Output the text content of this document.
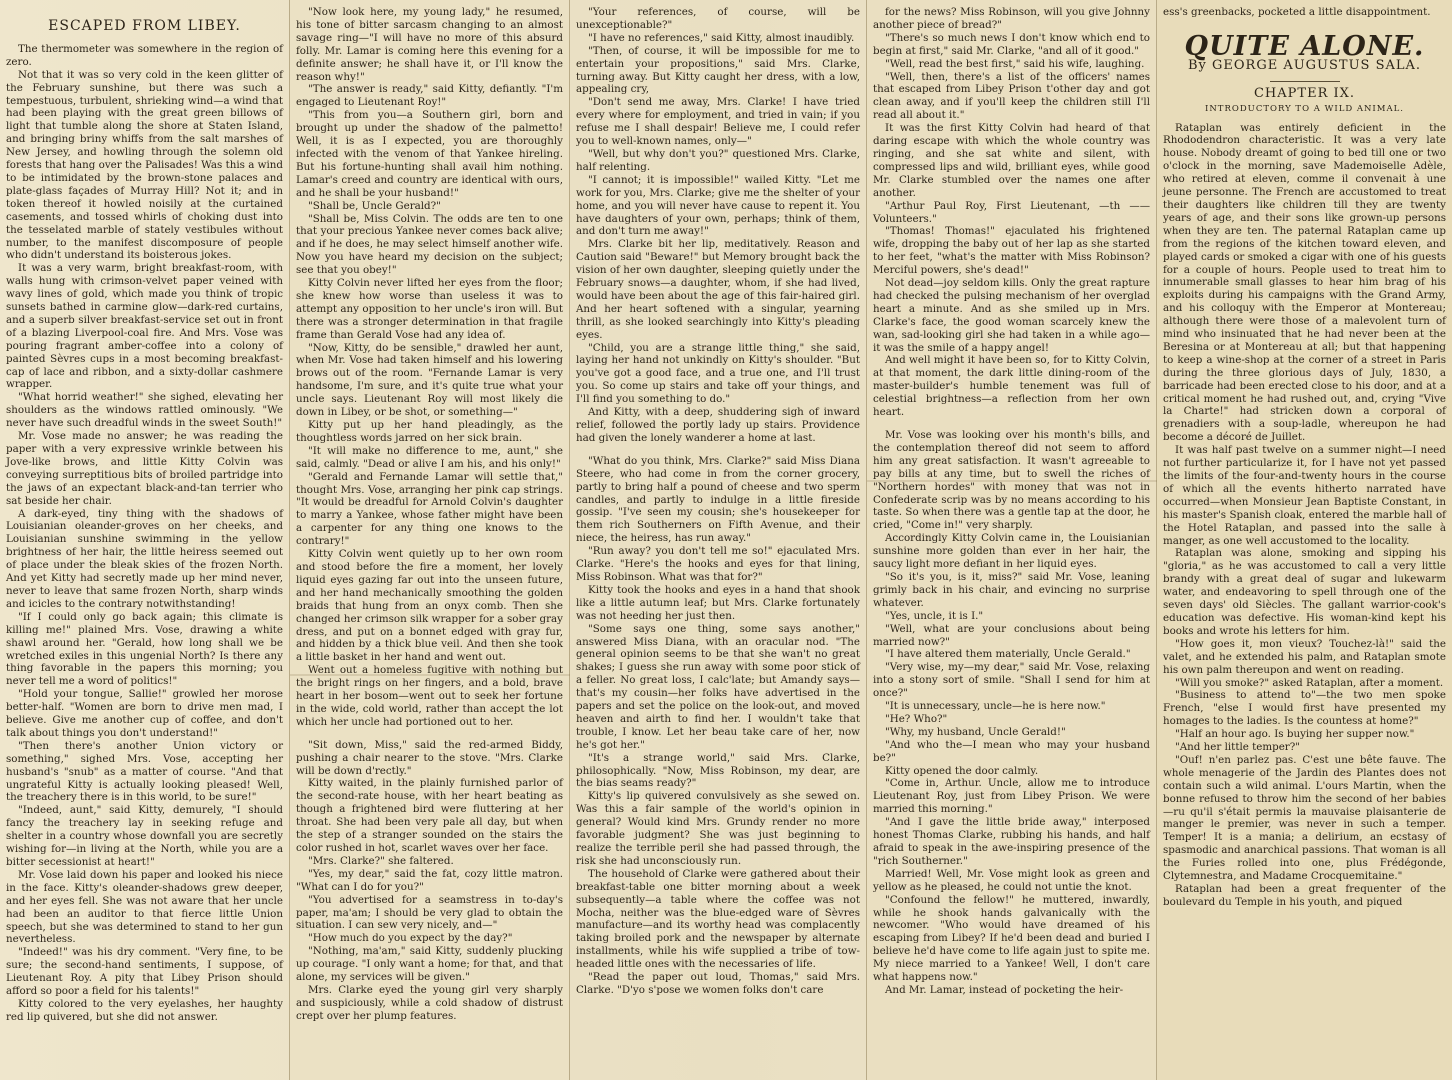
ESCAPED FROM LIBEY.

The thermometer was somewhere in the region of zero.

Not that it was so very cold in the keen glitter of the February sunshine, but there was such a tempestuous, turbulent, shrieking wind—a wind that had been playing with the great green billows of light that tumble along the shore at Staten Island, and bringing briny whiffs from the salt marshes of New Jersey, and howling through the solemn old forests that hang over the Palisades! Was this a wind to be intimidated by the brown-stone palaces and plate-glass façades of Murray Hill? Not it; and in token thereof it howled noisily at the curtained casements, and tossed whirls of choking dust into the tesselated marble of stately vestibules without number, to the manifest discomposure of people who didn't understand its boisterous jokes.

It was a very warm, bright breakfast-room, with walls hung with crimson-velvet paper veined with wavy lines of gold, which made you think of tropic sunsets bathed in carmine glow—dark-red curtains, and a superb silver breakfast-service set out in front of a blazing Liverpool-coal fire. And Mrs. Vose was pouring fragrant amber-coffee into a colony of painted Sèvres cups in a most becoming breakfast-cap of lace and ribbon, and a sixty-dollar cashmere wrapper.

"What horrid weather!" she sighed, elevating her shoulders as the windows rattled ominously. "We never have such dreadful winds in the sweet South!"

Mr. Vose made no answer; he was reading the paper with a very expressive wrinkle between his Jove-like brows, and little Kitty Colvin was conveying surreptitious bits of broiled partridge into the jaws of an expectant black-and-tan terrier who sat beside her chair.

A dark-eyed, tiny thing with the shadows of Louisianian oleander-groves on her cheeks, and Louisianian sunshine swimming in the yellow brightness of her hair, the little heiress seemed out of place under the bleak skies of the frozen North. And yet Kitty had secretly made up her mind never, never to leave that same frozen North, sharp winds and icicles to the contrary notwithstanding!

"If I could only go back again; this climate is killing me!" plained Mrs. Vose, drawing a white shawl around her. "Gerald, how long shall we be wretched exiles in this ungenial North? Is there any thing favorable in the papers this morning; you never tell me a word of politics!"

"Hold your tongue, Sallie!" growled her morose better-half. "Women are born to drive men mad, I believe. Give me another cup of coffee, and don't talk about things you don't understand!"

"Then there's another Union victory or something," sighed Mrs. Vose, accepting her husband's "snub" as a matter of course. "And that ungrateful Kitty is actually looking pleased! Well, the treachery there is in this world, to be sure!"

"Indeed, aunt," said Kitty, demurely, "I should fancy the treachery lay in seeking refuge and shelter in a country whose downfall you are secretly wishing for—in living at the North, while you are a bitter secessionist at heart!"

Mr. Vose laid down his paper and looked his niece in the face. Kitty's oleander-shadows grew deeper, and her eyes fell. She was not aware that her uncle had been an auditor to that fierce little Union speech, but she was determined to stand to her gun nevertheless.

"Indeed!" was his dry comment. "Very fine, to be sure; the second-hand sentiments, I suppose, of Lieutenant Roy. A pity that Libey Prison should afford so poor a field for his talents!"

Kitty colored to the very eyelashes, her haughty red lip quivered, but she did not answer.

"Now look here, my young lady," he resumed, his tone of bitter sarcasm changing to an almost savage ring—"I will have no more of this absurd folly. Mr. Lamar is coming here this evening for a definite answer; he shall have it, or I'll know the reason why!"

"The answer is ready," said Kitty, defiantly. "I'm engaged to Lieutenant Roy!"

"This from you—a Southern girl, born and brought up under the shadow of the palmetto! Well, it is as I expected, you are thoroughly infected with the venom of that Yankee hireling. But his fortune-hunting shall avail him nothing. Lamar's creed and country are identical with ours, and he shall be your husband!"

"Shall be, Uncle Gerald?"

"Shall be, Miss Colvin. The odds are ten to one that your precious Yankee never comes back alive; and if he does, he may select himself another wife. Now you have heard my decision on the subject; see that you obey!"

Kitty Colvin never lifted her eyes from the floor; she knew how worse than useless it was to attempt any opposition to her uncle's iron will. But there was a stronger determination in that fragile frame than Gerald Vose had any idea of.

"Now, Kitty, do be sensible," drawled her aunt, when Mr. Vose had taken himself and his lowering brows out of the room. "Fernande Lamar is very handsome, I'm sure, and it's quite true what your uncle says. Lieutenant Roy will most likely die down in Libey, or be shot, or something—"

Kitty put up her hand pleadingly, as the thoughtless words jarred on her sick brain.

"It will make no difference to me, aunt," she said, calmly. "Dead or alive I am his, and his only!"

"Gerald and Fernande Lamar will settle that," thought Mrs. Vose, arranging her pink cap strings. "It would be dreadful for Arnold Colvin's daughter to marry a Yankee, whose father might have been a carpenter for any thing one knows to the contrary!"

Kitty Colvin went quietly up to her own room and stood before the fire a moment, her lovely liquid eyes gazing far out into the unseen future, and her hand mechanically smoothing the golden braids that hung from an onyx comb. Then she changed her crimson silk wrapper for a sober gray dress, and put on a bonnet edged with gray fur, and hidden by a thick blue veil. And then she took a little basket in her hand and went out.

Went out a homeless fugitive with nothing but the bright rings on her fingers, and a bold, brave heart in her bosom—went out to seek her fortune in the wide, cold world, rather than accept the lot which her uncle had portioned out to her.

"Sit down, Miss," said the red-armed Biddy, pushing a chair nearer to the stove. "Mrs. Clarke will be down d'rectly."

Kitty waited, in the plainly furnished parlor of the second-rate house, with her heart beating as though a frightened bird were fluttering at her throat. She had been very pale all day, but when the step of a stranger sounded on the stairs the color rushed in hot, scarlet waves over her face.

"Mrs. Clarke?" she faltered.

"Yes, my dear," said the fat, cozy little matron. "What can I do for you?"

"You advertised for a seamstress in to-day's paper, ma'am; I should be very glad to obtain the situation. I can sew very nicely, and—"

"How much do you expect by the day?"

"Nothing, ma'am," said Kitty, suddenly plucking up courage. "I only want a home; for that, and that alone, my services will be given."

Mrs. Clarke eyed the young girl very sharply and suspiciously, while a cold shadow of distrust crept over her plump features.

"Your references, of course, will be unexceptionable?"

"I have no references," said Kitty, almost inaudibly.

"Then, of course, it will be impossible for me to entertain your propositions," said Mrs. Clarke, turning away. But Kitty caught her dress, with a low, appealing cry,

"Don't send me away, Mrs. Clarke! I have tried every where for employment, and tried in vain; if you refuse me I shall despair! Believe me, I could refer you to well-known names, only—"

"Well, but why don't you?" questioned Mrs. Clarke, half relenting.

"I cannot; it is impossible!" wailed Kitty. "Let me work for you, Mrs. Clarke; give me the shelter of your home, and you will never have cause to repent it. You have daughters of your own, perhaps; think of them, and don't turn me away!"

Mrs. Clarke bit her lip, meditatively. Reason and Caution said "Beware!" but Memory brought back the vision of her own daughter, sleeping quietly under the February snows—a daughter, whom, if she had lived, would have been about the age of this fair-haired girl. And her heart softened with a singular, yearning thrill, as she looked searchingly into Kitty's pleading eyes.

"Child, you are a strange little thing," she said, laying her hand not unkindly on Kitty's shoulder. "But you've got a good face, and a true one, and I'll trust you. So come up stairs and take off your things, and I'll find you something to do."

And Kitty, with a deep, shuddering sigh of inward relief, followed the portly lady up stairs. Providence had given the lonely wanderer a home at last.

"What do you think, Mrs. Clarke?" said Miss Diana Steere, who had come in from the corner grocery, partly to bring half a pound of cheese and two sperm candles, and partly to indulge in a little fireside gossip. "I've seen my cousin; she's housekeeper for them rich Southerners on Fifth Avenue, and their niece, the heiress, has run away."

"Run away? you don't tell me so!" ejaculated Mrs. Clarke. "Here's the hooks and eyes for that lining, Miss Robinson. What was that for?"

Kitty took the hooks and eyes in a hand that shook like a little autumn leaf; but Mrs. Clarke fortunately was not heeding her just then.

"Some says one thing, some says another," answered Miss Diana, with an oracular nod. "The general opinion seems to be that she wan't no great shakes; I guess she run away with some poor stick of a feller. No great loss, I calc'late; but Amandy says—that's my cousin—her folks have advertised in the papers and set the police on the look-out, and moved heaven and airth to find her. I wouldn't take that trouble, I know. Let her beau take care of her, now he's got her."

"It's a strange world," said Mrs. Clarke, philosophically. "Now, Miss Robinson, my dear, are the bias seams ready?"

Kitty's lip quivered convulsively as she sewed on. Was this a fair sample of the world's opinion in general? Would kind Mrs. Grundy render no more favorable judgment? She was just beginning to realize the terrible peril she had passed through, the risk she had unconsciously run.

The household of Clarke were gathered about their breakfast-table one bitter morning about a week subsequently—a table where the coffee was not Mocha, neither was the blue-edged ware of Sèvres manufacture—and its worthy head was complacently taking broiled pork and the newspaper by alternate installments, while his wife supplied a tribe of tow-headed little ones with the necessaries of life.

"Read the paper out loud, Thomas," said Mrs. Clarke. "D'yo s'pose we women folks don't care

for the news? Miss Robinson, will you give Johnny another piece of bread?"

"There's so much news I don't know which end to begin at first," said Mr. Clarke, "and all of it good."

"Well, read the best first," said his wife, laughing.

"Well, then, there's a list of the officers' names that escaped from Libey Prison t'other day and got clean away, and if you'll keep the children still I'll read all about it."

It was the first Kitty Colvin had heard of that daring escape with which the whole country was ringing, and she sat white and silent, with compressed lips and wild, brilliant eyes, while good Mr. Clarke stumbled over the names one after another.

"Arthur Paul Roy, First Lieutenant, —th —— Volunteers."

"Thomas! Thomas!" ejaculated his frightened wife, dropping the baby out of her lap as she started to her feet, "what's the matter with Miss Robinson? Merciful powers, she's dead!"

Not dead—joy seldom kills. Only the great rapture had checked the pulsing mechanism of her overglad heart a minute. And as she smiled up in Mrs. Clarke's face, the good woman scarcely knew the wan, sad-looking girl she had taken in a while ago—it was the smile of a happy angel!

And well might it have been so, for to Kitty Colvin, at that moment, the dark little dining-room of the master-builder's humble tenement was full of celestial brightness—a reflection from her own heart.

Mr. Vose was looking over his month's bills, and the contemplation thereof did not seem to afford him any great satisfaction. It wasn't agreeable to pay bills at any time, but to swell the riches of "Northern hordes" with money that was not in Confederate scrip was by no means according to his taste. So when there was a gentle tap at the door, he cried, "Come in!" very sharply.

Accordingly Kitty Colvin came in, the Louisianian sunshine more golden than ever in her hair, the saucy light more defiant in her liquid eyes.

"So it's you, is it, miss?" said Mr. Vose, leaning grimly back in his chair, and evincing no surprise whatever.

"Yes, uncle, it is I."

"Well, what are your conclusions about being married now?"

"I have altered them materially, Uncle Gerald."

"Very wise, my—my dear," said Mr. Vose, relaxing into a stony sort of smile. "Shall I send for him at once?"

"It is unnecessary, uncle—he is here now."

"He? Who?"

"Why, my husband, Uncle Gerald!"

"And who the—I mean who may your husband be?"

Kitty opened the door calmly.

"Come in, Arthur. Uncle, allow me to introduce Lieutenant Roy, just from Libey Prison. We were married this morning."

"And I gave the little bride away," interposed honest Thomas Clarke, rubbing his hands, and half afraid to speak in the awe-inspiring presence of the "rich Southerner."

Married! Well, Mr. Vose might look as green and yellow as he pleased, he could not untie the knot.

"Confound the fellow!" he muttered, inwardly, while he shook hands galvanically with the newcomer. "Who would have dreamed of his escaping from Libey? If he'd been dead and buried I believe he'd have come to life again just to spite me. My niece married to a Yankee! Well, I don't care what happens now."

And Mr. Lamar, instead of pocketing the heir-

ess's greenbacks, pocketed a little disappointment.

QUITE ALONE.
By GEORGE AUGUSTUS SALA.
CHAPTER IX.
INTRODUCTORY TO A WILD ANIMAL.

Rataplan was entirely deficient in the Rhododendron characteristic. It was a very late house. Nobody dreamt of going to bed till one or two o'clock in the morning, save Mademoiselle Adèle, who retired at eleven, comme il convenait à une jeune personne. The French are accustomed to treat their daughters like children till they are twenty years of age, and their sons like grown-up persons when they are ten. The paternal Rataplan came up from the regions of the kitchen toward eleven, and played cards or smoked a cigar with one of his guests for a couple of hours. People used to treat him to innumerable small glasses to hear him brag of his exploits during his campaigns with the Grand Army, and his colloquy with the Emperor at Montereau; although there were those of a malevolent turn of mind who insinuated that he had never been at the Beresina or at Montereau at all; but that happening to keep a wine-shop at the corner of a street in Paris during the three glorious days of July, 1830, a barricade had been erected close to his door, and at a critical moment he had rushed out, and, crying "Vive la Charte!" had stricken down a corporal of grenadiers with a soup-ladle, whereupon he had become a décoré de Juillet.

It was half past twelve on a summer night—I need not further particularize it, for I have not yet passed the limits of the four-and-twenty hours in the course of which all the events hitherto narrated have occurred—when Monsieur Jean Baptiste Constant, in his master's Spanish cloak, entered the marble hall of the Hotel Rataplan, and passed into the salle à manger, as one well accustomed to the locality.

Rataplan was alone, smoking and sipping his "gloria," as he was accustomed to call a very little brandy with a great deal of sugar and lukewarm water, and endeavoring to spell through one of the seven days' old Siècles. The gallant warrior-cook's education was defective. His woman-kind kept his books and wrote his letters for him.

"How goes it, mon vieux? Touchez-là!" said the valet, and he extended his palm, and Rataplan smote his own palm thereupon and went on reading.

"Will you smoke?" asked Rataplan, after a moment.

"Business to attend to"—the two men spoke French, "else I would first have presented my homages to the ladies. Is the countess at home?"

"Half an hour ago. Is buying her supper now."

"And her little temper?"

"Ouf! n'en parlez pas. C'est une bête fauve. The whole menagerie of the Jardin des Plantes does not contain such a wild animal. L'ours Martin, when the bonne refused to throw him the second of her babies—ru qu'il s'était permis la mauvaise plaisanterie de manger le premier, was never in such a temper. Temper! It is a mania; a delirium, an ecstasy of spasmodic and anarchical passions. That woman is all the Furies rolled into one, plus Frédégonde, Clytemnestra, and Madame Crocquemitaine."

Rataplan had been a great frequenter of the boulevard du Temple in his youth, and piqued
